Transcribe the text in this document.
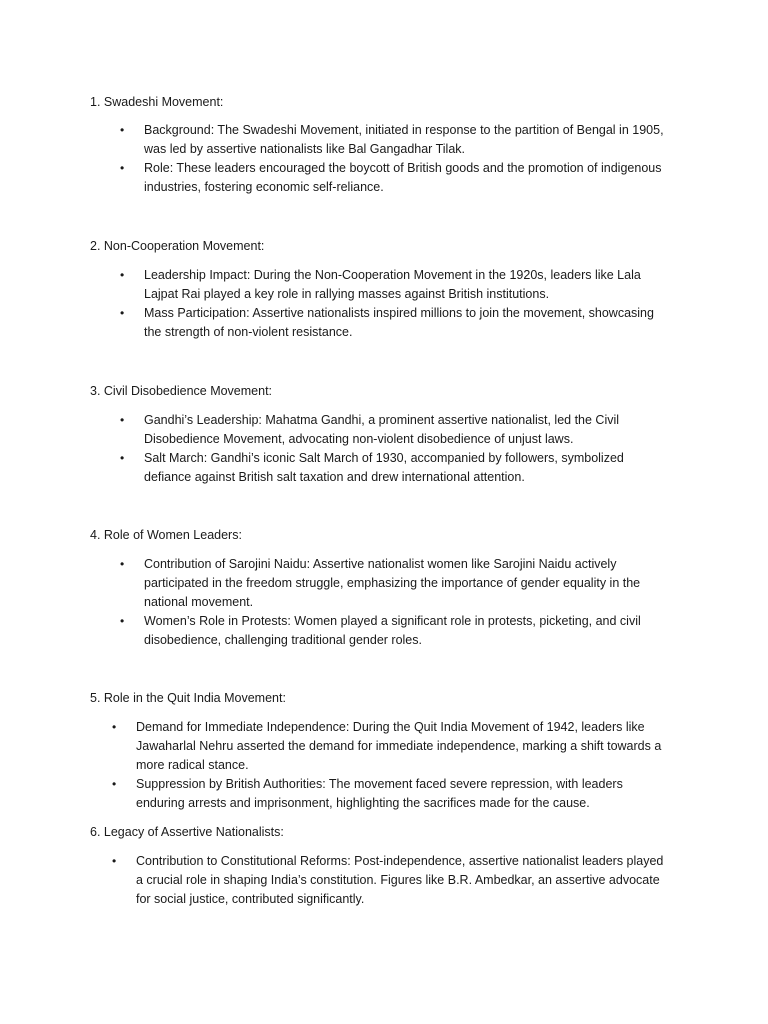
1. Swadeshi Movement:

• Background: The Swadeshi Movement, initiated in response to the partition of Bengal in 1905, was led by assertive nationalists like Bal Gangadhar Tilak.
• Role: These leaders encouraged the boycott of British goods and the promotion of indigenous industries, fostering economic self-reliance.

2. Non-Cooperation Movement:

• Leadership Impact: During the Non-Cooperation Movement in the 1920s, leaders like Lala Lajpat Rai played a key role in rallying masses against British institutions.
• Mass Participation: Assertive nationalists inspired millions to join the movement, showcasing the strength of non-violent resistance.

3. Civil Disobedience Movement:

• Gandhi’s Leadership: Mahatma Gandhi, a prominent assertive nationalist, led the Civil Disobedience Movement, advocating non-violent disobedience of unjust laws.
• Salt March: Gandhi’s iconic Salt March of 1930, accompanied by followers, symbolized defiance against British salt taxation and drew international attention.

4. Role of Women Leaders:

• Contribution of Sarojini Naidu: Assertive nationalist women like Sarojini Naidu actively participated in the freedom struggle, emphasizing the importance of gender equality in the national movement.
• Women’s Role in Protests: Women played a significant role in protests, picketing, and civil disobedience, challenging traditional gender roles.

5. Role in the Quit India Movement:

• Demand for Immediate Independence: During the Quit India Movement of 1942, leaders like Jawaharlal Nehru asserted the demand for immediate independence, marking a shift towards a more radical stance.
• Suppression by British Authorities: The movement faced severe repression, with leaders enduring arrests and imprisonment, highlighting the sacrifices made for the cause.

6. Legacy of Assertive Nationalists:

• Contribution to Constitutional Reforms: Post-independence, assertive nationalist leaders played a crucial role in shaping India’s constitution. Figures like B.R. Ambedkar, an assertive advocate for social justice, contributed significantly.
